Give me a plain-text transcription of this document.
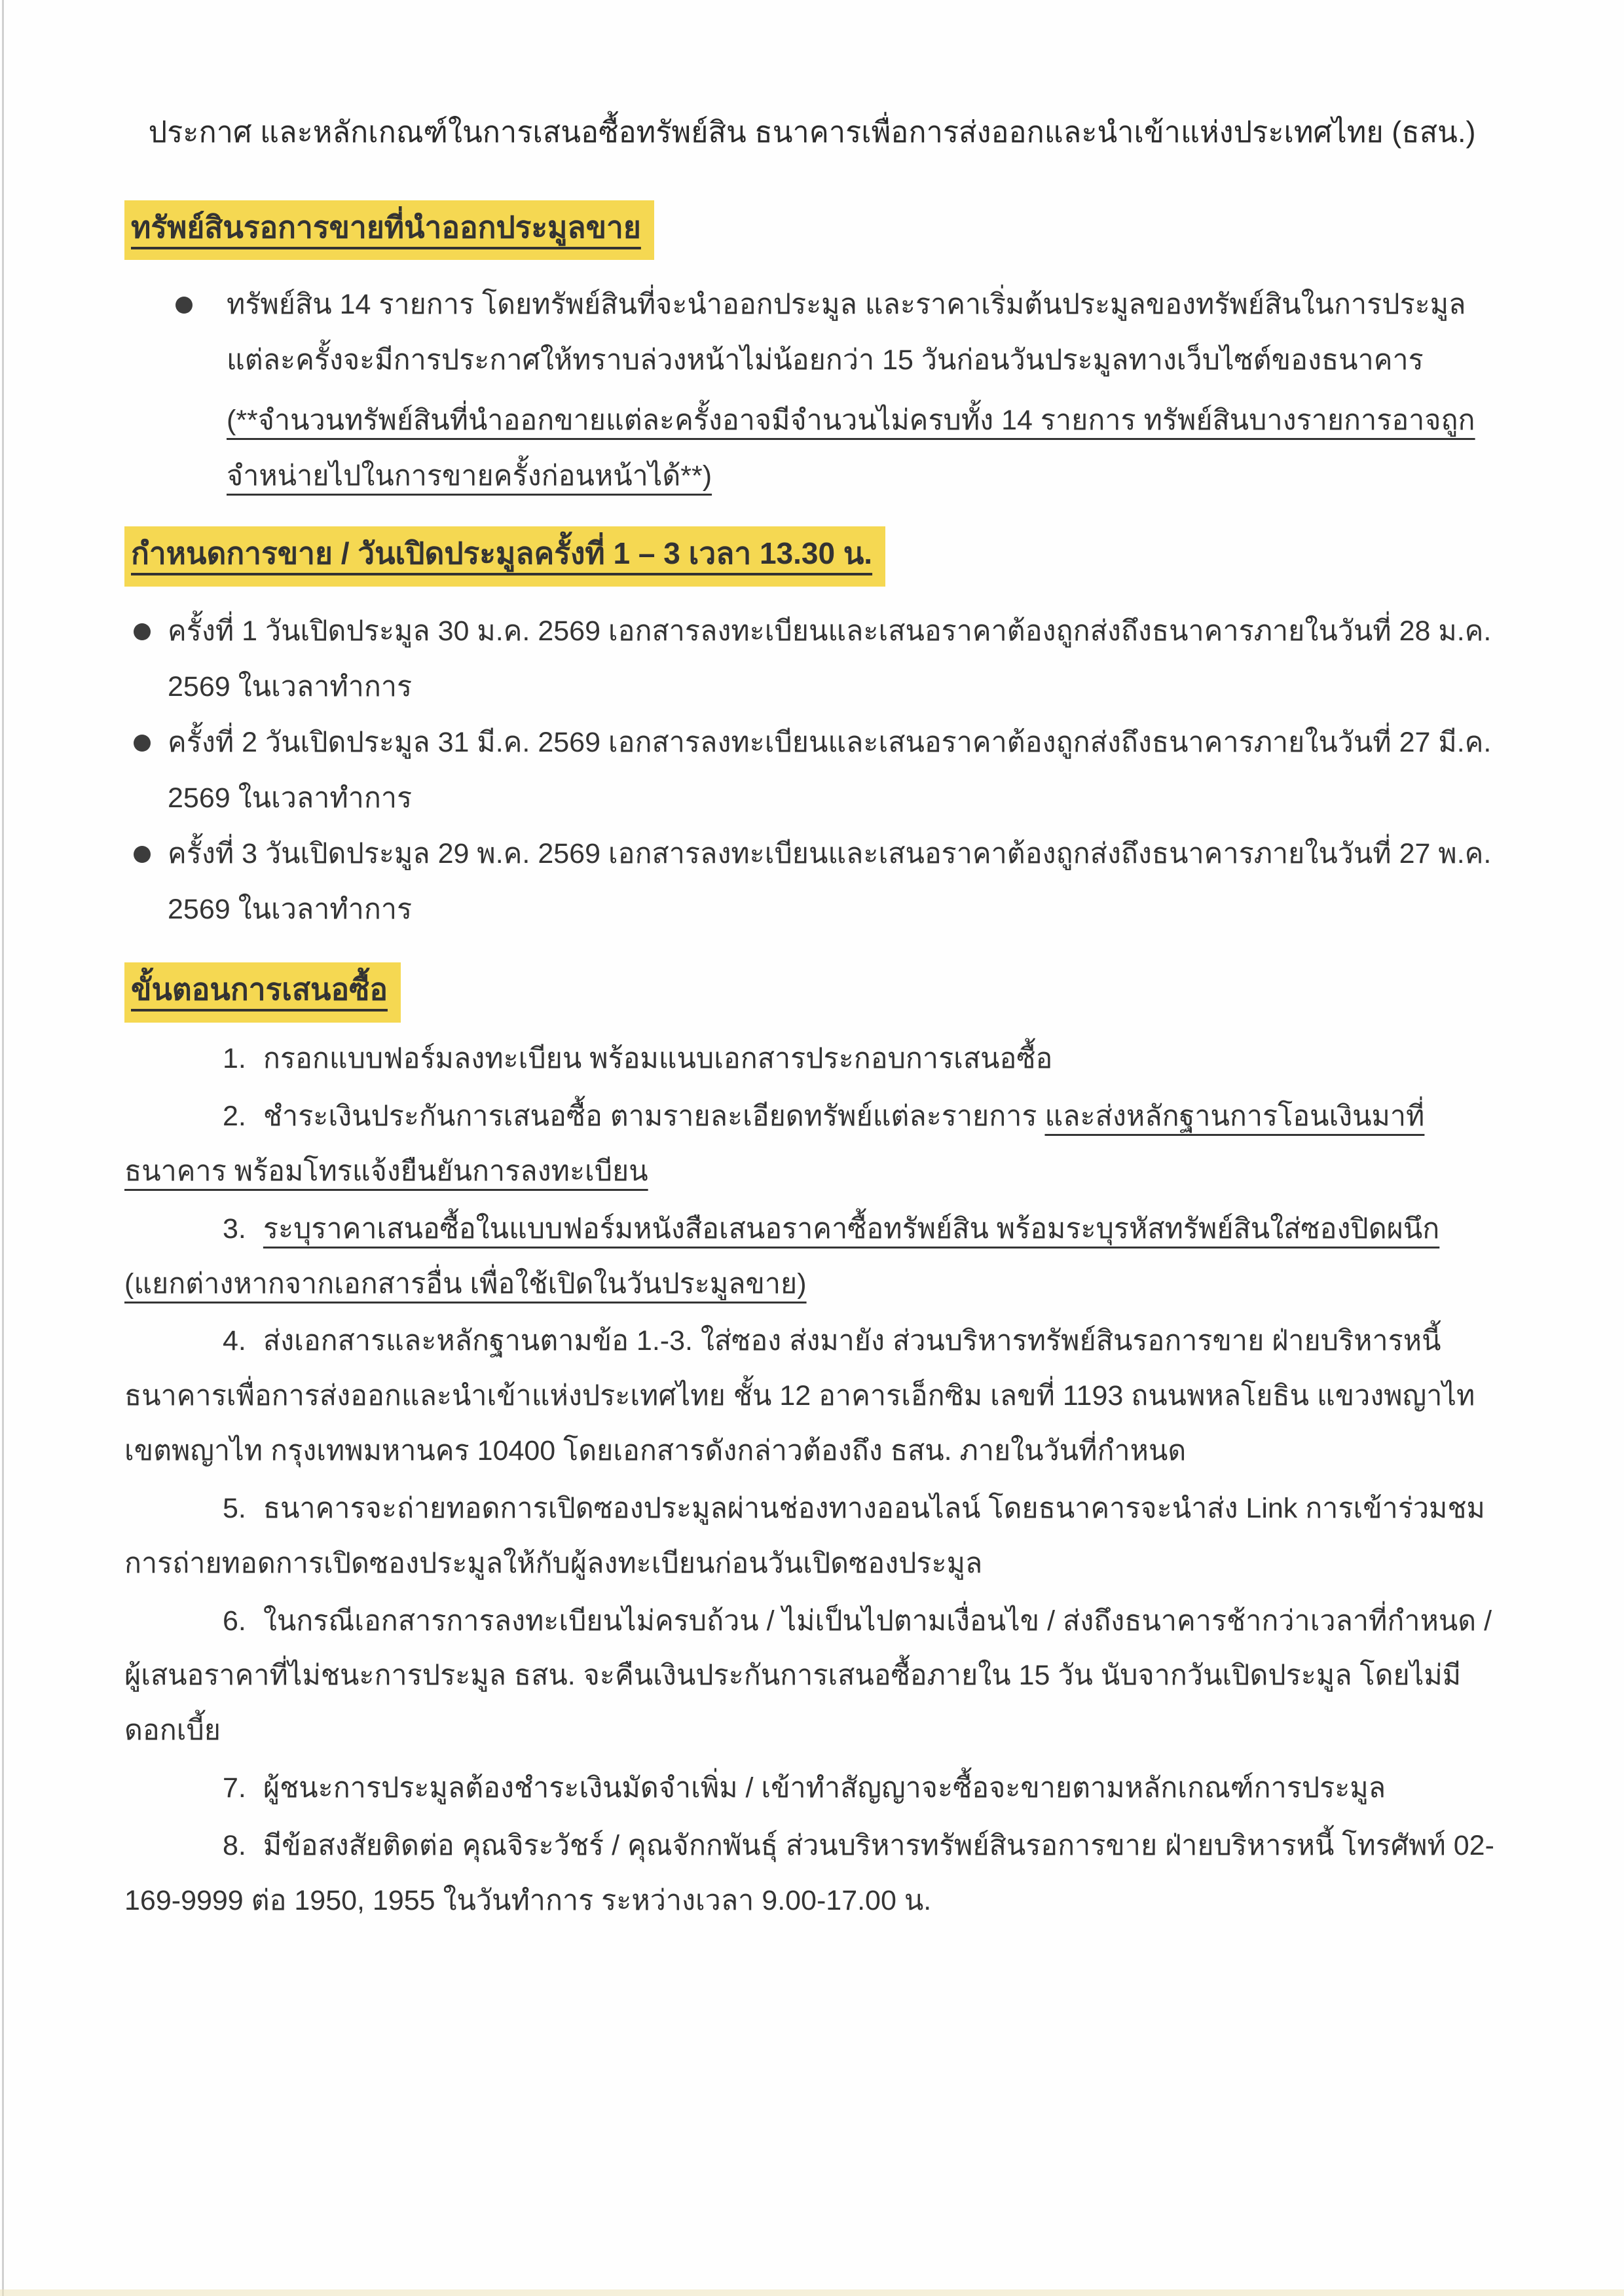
ประกาศ และหลักเกณฑ์ในการเสนอซื้อทรัพย์สิน ธนาคารเพื่อการส่งออกและนำเข้าแห่งประเทศไทย (ธสน.)

ทรัพย์สินรอการขายที่นำออกประมูลขาย

ทรัพย์สิน 14 รายการ โดยทรัพย์สินที่จะนำออกประมูล และราคาเริ่มต้นประมูลของทรัพย์สินในการประมูลแต่ละครั้งจะมีการประกาศให้ทราบล่วงหน้าไม่น้อยกว่า 15 วันก่อนวันประมูลทางเว็บไซต์ของธนาคาร

(**จำนวนทรัพย์สินที่นำออกขายแต่ละครั้งอาจมีจำนวนไม่ครบทั้ง 14 รายการ ทรัพย์สินบางรายการอาจถูกจำหน่ายไปในการขายครั้งก่อนหน้าได้**)

กำหนดการขาย / วันเปิดประมูลครั้งที่ 1 – 3 เวลา 13.30 น.

ครั้งที่ 1 วันเปิดประมูล 30 ม.ค. 2569 เอกสารลงทะเบียนและเสนอราคาต้องถูกส่งถึงธนาคารภายในวันที่ 28 ม.ค. 2569 ในเวลาทำการ

ครั้งที่ 2 วันเปิดประมูล 31 มี.ค. 2569 เอกสารลงทะเบียนและเสนอราคาต้องถูกส่งถึงธนาคารภายในวันที่ 27 มี.ค. 2569 ในเวลาทำการ

ครั้งที่ 3 วันเปิดประมูล 29 พ.ค. 2569 เอกสารลงทะเบียนและเสนอราคาต้องถูกส่งถึงธนาคารภายในวันที่ 27 พ.ค. 2569 ในเวลาทำการ

ขั้นตอนการเสนอซื้อ

1. กรอกแบบฟอร์มลงทะเบียน พร้อมแนบเอกสารประกอบการเสนอซื้อ

2. ชำระเงินประกันการเสนอซื้อ ตามรายละเอียดทรัพย์แต่ละรายการ และส่งหลักฐานการโอนเงินมาที่ธนาคาร พร้อมโทรแจ้งยืนยันการลงทะเบียน

3. ระบุราคาเสนอซื้อในแบบฟอร์มหนังสือเสนอราคาซื้อทรัพย์สิน พร้อมระบุรหัสทรัพย์สินใส่ซองปิดผนึก (แยกต่างหากจากเอกสารอื่น เพื่อใช้เปิดในวันประมูลขาย)

4. ส่งเอกสารและหลักฐานตามข้อ 1.-3. ใส่ซอง ส่งมายัง ส่วนบริหารทรัพย์สินรอการขาย ฝ่ายบริหารหนี้ ธนาคารเพื่อการส่งออกและนำเข้าแห่งประเทศไทย ชั้น 12 อาคารเอ็กซิม เลขที่ 1193 ถนนพหลโยธิน แขวงพญาไท เขตพญาไท กรุงเทพมหานคร 10400 โดยเอกสารดังกล่าวต้องถึง ธสน. ภายในวันที่กำหนด

5. ธนาคารจะถ่ายทอดการเปิดซองประมูลผ่านช่องทางออนไลน์ โดยธนาคารจะนำส่ง Link การเข้าร่วมชมการถ่ายทอดการเปิดซองประมูลให้กับผู้ลงทะเบียนก่อนวันเปิดซองประมูล

6. ในกรณีเอกสารการลงทะเบียนไม่ครบถ้วน / ไม่เป็นไปตามเงื่อนไข / ส่งถึงธนาคารช้ากว่าเวลาที่กำหนด /ผู้เสนอราคาที่ไม่ชนะการประมูล ธสน. จะคืนเงินประกันการเสนอซื้อภายใน 15 วัน นับจากวันเปิดประมูล โดยไม่มีดอกเบี้ย

7. ผู้ชนะการประมูลต้องชำระเงินมัดจำเพิ่ม / เข้าทำสัญญาจะซื้อจะขายตามหลักเกณฑ์การประมูล

8. มีข้อสงสัยติดต่อ คุณจิระวัชร์ / คุณจักกพันธุ์ ส่วนบริหารทรัพย์สินรอการขาย ฝ่ายบริหารหนี้ โทรศัพท์ 02-169-9999 ต่อ 1950, 1955 ในวันทำการ ระหว่างเวลา 9.00-17.00 น.
